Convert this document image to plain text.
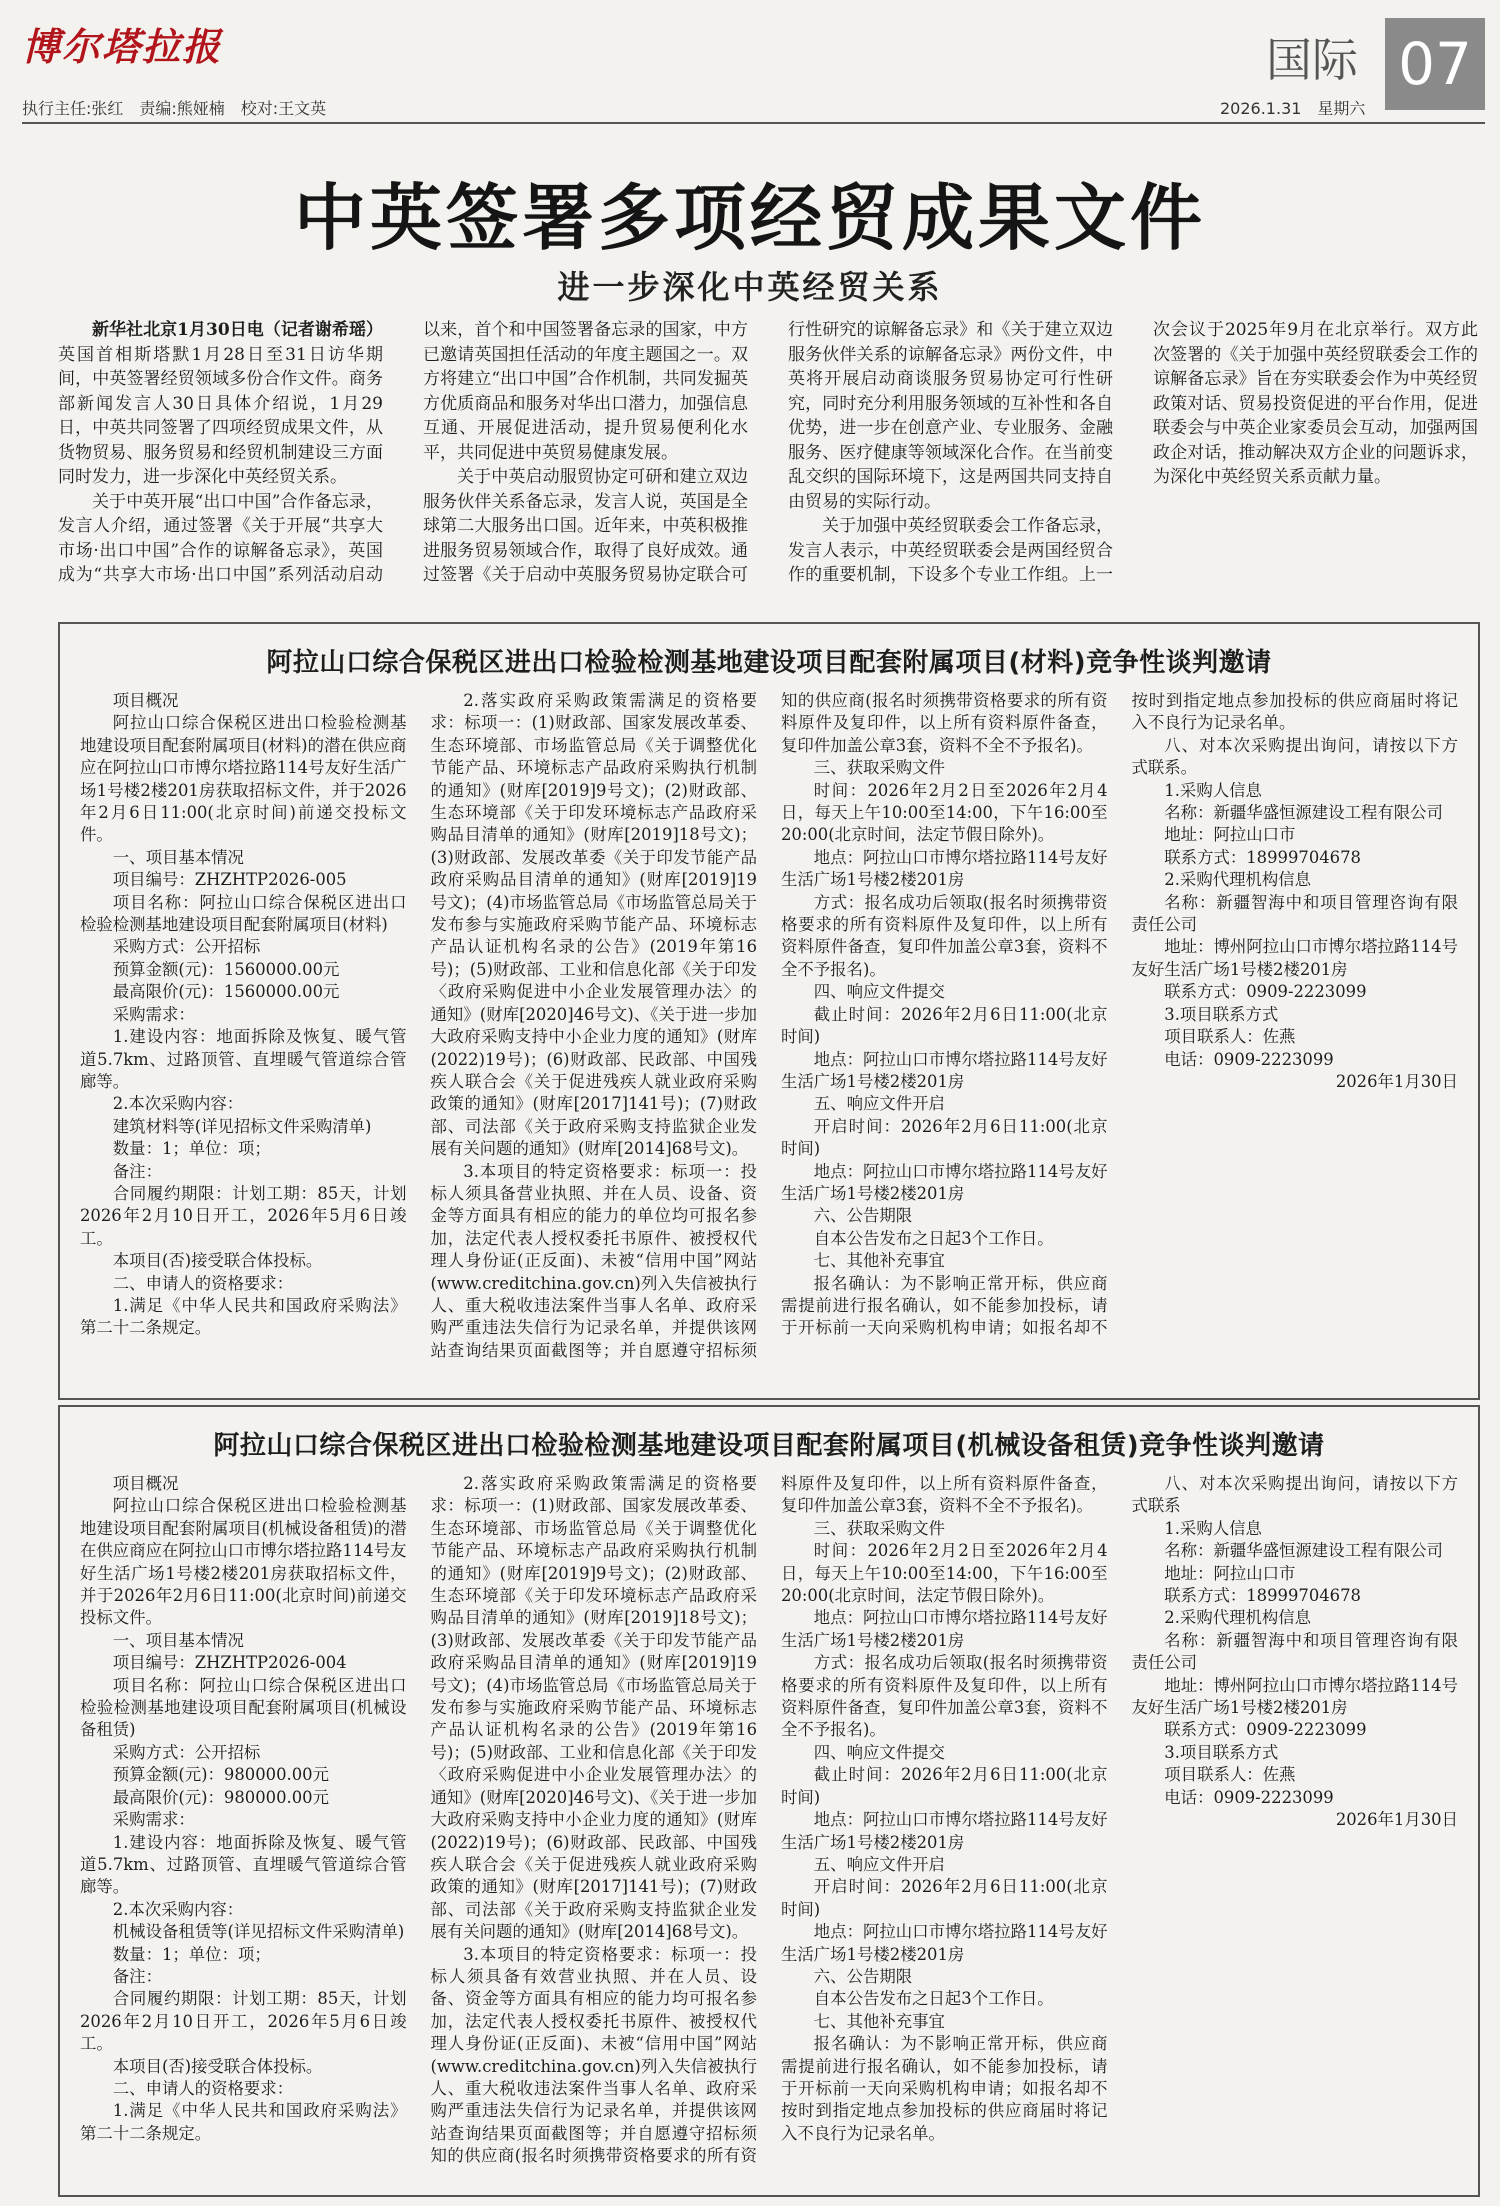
博尔塔拉报
执行主任:张红　责编:熊娅楠　校对:王文英
国际 07
2026.1.31　星期六
中英签署多项经贸成果文件
进一步深化中英经贸关系

新华社北京1月30日电（记者谢希瑶）英国首相斯塔默1月28日至31日访华期间，中英签署经贸领域多份合作文件。商务部新闻发言人30日具体介绍说，1月29日，中英共同签署了四项经贸成果文件，从货物贸易、服务贸易和经贸机制建设三方面同时发力，进一步深化中英经贸关系。

关于中英开展“出口中国”合作备忘录，发言人介绍，通过签署《关于开展“共享大市场·出口中国”合作的谅解备忘录》，英国成为“共享大市场·出口中国”系列活动启动以来，首个和中国签署备忘录的国家，中方已邀请英国担任活动的年度主题国之一。双方将建立“出口中国”合作机制，共同发掘英方优质商品和服务对华出口潜力，加强信息互通、开展促进活动，提升贸易便利化水平，共同促进中英贸易健康发展。

关于中英启动服贸协定可研和建立双边服务伙伴关系备忘录，发言人说，英国是全球第二大服务出口国。近年来，中英积极推进服务贸易领域合作，取得了良好成效。通过签署《关于启动中英服务贸易协定联合可行性研究的谅解备忘录》和《关于建立双边服务伙伴关系的谅解备忘录》两份文件，中英将开展启动商谈服务贸易协定可行性研究，同时充分利用服务领域的互补性和各自优势，进一步在创意产业、专业服务、金融服务、医疗健康等领域深化合作。在当前变乱交织的国际环境下，这是两国共同支持自由贸易的实际行动。

关于加强中英经贸联委会工作备忘录，发言人表示，中英经贸联委会是两国经贸合作的重要机制，下设多个专业工作组。上一次会议于2025年9月在北京举行。双方此次签署的《关于加强中英经贸联委会工作的谅解备忘录》旨在夯实联委会作为中英经贸政策对话、贸易投资促进的平台作用，促进联委会与中英企业家委员会互动，加强两国政企对话，推动解决双方企业的问题诉求，为深化中英经贸关系贡献力量。

阿拉山口综合保税区进出口检验检测基地建设项目配套附属项目(材料)竞争性谈判邀请

项目概况

阿拉山口综合保税区进出口检验检测基地建设项目配套附属项目(材料)的潜在供应商应在阿拉山口市博尔塔拉路114号友好生活广场1号楼2楼201房获取招标文件，并于2026年2月6日11:00(北京时间)前递交投标文件。

一、项目基本情况

项目编号：ZHZHTP2026-005

项目名称：阿拉山口综合保税区进出口检验检测基地建设项目配套附属项目(材料)

采购方式：公开招标

预算金额(元)：1560000.00元

最高限价(元)：1560000.00元

采购需求：

1.建设内容：地面拆除及恢复、暖气管道5.7km、过路顶管、直埋暖气管道综合管廊等。

2.本次采购内容：

建筑材料等(详见招标文件采购清单)

数量：1；单位：项；

备注：

合同履约期限：计划工期：85天，计划2026年2月10日开工，2026年5月6日竣工。

本项目(否)接受联合体投标。

二、申请人的资格要求：

1.满足《中华人民共和国政府采购法》第二十二条规定。

2.落实政府采购政策需满足的资格要求：标项一：(1)财政部、国家发展改革委、生态环境部、市场监管总局《关于调整优化节能产品、环境标志产品政府采购执行机制的通知》(财库[2019]9号文)；(2)财政部、生态环境部《关于印发环境标志产品政府采购品目清单的通知》(财库[2019]18号文)；(3)财政部、发展改革委《关于印发节能产品政府采购品目清单的通知》(财库[2019]19号文)；(4)市场监管总局《市场监管总局关于发布参与实施政府采购节能产品、环境标志产品认证机构名录的公告》(2019年第16号)；(5)财政部、工业和信息化部《关于印发〈政府采购促进中小企业发展管理办法〉的通知》(财库[2020]46号文)、《关于进一步加大政府采购支持中小企业力度的通知》(财库(2022)19号)；(6)财政部、民政部、中国残疾人联合会《关于促进残疾人就业政府采购政策的通知》(财库[2017]141号)；(7)财政部、司法部《关于政府采购支持监狱企业发展有关问题的通知》(财库[2014]68号文)。

3.本项目的特定资格要求：标项一：投标人须具备营业执照、并在人员、设备、资金等方面具有相应的能力的单位均可报名参加，法定代表人授权委托书原件、被授权代理人身份证(正反面)、未被“信用中国”网站(www.creditchina.gov.cn)列入失信被执行人、重大税收违法案件当事人名单、政府采购严重违法失信行为记录名单，并提供该网站查询结果页面截图等；并自愿遵守招标须知的供应商(报名时须携带资格要求的所有资料原件及复印件，以上所有资料原件备查，复印件加盖公章3套，资料不全不予报名)。

三、获取采购文件

时间：2026年2月2日至2026年2月4日，每天上午10:00至14:00，下午16:00至20:00(北京时间，法定节假日除外)。

地点：阿拉山口市博尔塔拉路114号友好生活广场1号楼2楼201房

方式：报名成功后领取(报名时须携带资格要求的所有资料原件及复印件，以上所有资料原件备查，复印件加盖公章3套，资料不全不予报名)。

四、响应文件提交

截止时间：2026年2月6日11:00(北京时间)

地点：阿拉山口市博尔塔拉路114号友好生活广场1号楼2楼201房

五、响应文件开启

开启时间：2026年2月6日11:00(北京时间)

地点：阿拉山口市博尔塔拉路114号友好生活广场1号楼2楼201房

六、公告期限

自本公告发布之日起3个工作日。

七、其他补充事宜

报名确认：为不影响正常开标，供应商需提前进行报名确认，如不能参加投标，请于开标前一天向采购机构申请；如报名却不按时到指定地点参加投标的供应商届时将记入不良行为记录名单。

八、对本次采购提出询问，请按以下方式联系。

1.采购人信息

名称：新疆华盛恒源建设工程有限公司

地址：阿拉山口市

联系方式：18999704678

2.采购代理机构信息

名称：新疆智海中和项目管理咨询有限责任公司

地址：博州阿拉山口市博尔塔拉路114号友好生活广场1号楼2楼201房

联系方式：0909-2223099

3.项目联系方式

项目联系人：佐燕

电话：0909-2223099

2026年1月30日

阿拉山口综合保税区进出口检验检测基地建设项目配套附属项目(机械设备租赁)竞争性谈判邀请

项目概况

阿拉山口综合保税区进出口检验检测基地建设项目配套附属项目(机械设备租赁)的潜在供应商应在阿拉山口市博尔塔拉路114号友好生活广场1号楼2楼201房获取招标文件，并于2026年2月6日11:00(北京时间)前递交投标文件。

一、项目基本情况

项目编号：ZHZHTP2026-004

项目名称：阿拉山口综合保税区进出口检验检测基地建设项目配套附属项目(机械设备租赁)

采购方式：公开招标

预算金额(元)：980000.00元

最高限价(元)：980000.00元

采购需求：

1.建设内容：地面拆除及恢复、暖气管道5.7km、过路顶管、直埋暖气管道综合管廊等。

2.本次采购内容：

机械设备租赁等(详见招标文件采购清单)

数量：1；单位：项；

备注：

合同履约期限：计划工期：85天，计划2026年2月10日开工，2026年5月6日竣工。

本项目(否)接受联合体投标。

二、申请人的资格要求：

1.满足《中华人民共和国政府采购法》第二十二条规定。

2.落实政府采购政策需满足的资格要求：标项一：(1)财政部、国家发展改革委、生态环境部、市场监管总局《关于调整优化节能产品、环境标志产品政府采购执行机制的通知》(财库[2019]9号文)；(2)财政部、生态环境部《关于印发环境标志产品政府采购品目清单的通知》(财库[2019]18号文)；(3)财政部、发展改革委《关于印发节能产品政府采购品目清单的通知》(财库[2019]19号文)；(4)市场监管总局《市场监管总局关于发布参与实施政府采购节能产品、环境标志产品认证机构名录的公告》(2019年第16号)；(5)财政部、工业和信息化部《关于印发〈政府采购促进中小企业发展管理办法〉的通知》(财库[2020]46号文)、《关于进一步加大政府采购支持中小企业力度的通知》(财库(2022)19号)；(6)财政部、民政部、中国残疾人联合会《关于促进残疾人就业政府采购政策的通知》(财库[2017]141号)；(7)财政部、司法部《关于政府采购支持监狱企业发展有关问题的通知》(财库[2014]68号文)。

3.本项目的特定资格要求：标项一：投标人须具备有效营业执照、并在人员、设备、资金等方面具有相应的能力均可报名参加，法定代表人授权委托书原件、被授权代理人身份证(正反面)、未被“信用中国”网站(www.creditchina.gov.cn)列入失信被执行人、重大税收违法案件当事人名单、政府采购严重违法失信行为记录名单，并提供该网站查询结果页面截图等；并自愿遵守招标须知的供应商(报名时须携带资格要求的所有资料原件及复印件，以上所有资料原件备查，复印件加盖公章3套，资料不全不予报名)。

三、获取采购文件

时间：2026年2月2日至2026年2月4日，每天上午10:00至14:00，下午16:00至20:00(北京时间，法定节假日除外)。

地点：阿拉山口市博尔塔拉路114号友好生活广场1号楼2楼201房

方式：报名成功后领取(报名时须携带资格要求的所有资料原件及复印件，以上所有资料原件备查，复印件加盖公章3套，资料不全不予报名)。

四、响应文件提交

截止时间：2026年2月6日11:00(北京时间)

地点：阿拉山口市博尔塔拉路114号友好生活广场1号楼2楼201房

五、响应文件开启

开启时间：2026年2月6日11:00(北京时间)

地点：阿拉山口市博尔塔拉路114号友好生活广场1号楼2楼201房

六、公告期限

自本公告发布之日起3个工作日。

七、其他补充事宜

报名确认：为不影响正常开标，供应商需提前进行报名确认，如不能参加投标，请于开标前一天向采购机构申请；如报名却不按时到指定地点参加投标的供应商届时将记入不良行为记录名单。

八、对本次采购提出询问，请按以下方式联系

1.采购人信息

名称：新疆华盛恒源建设工程有限公司

地址：阿拉山口市

联系方式：18999704678

2.采购代理机构信息

名称：新疆智海中和项目管理咨询有限责任公司

地址：博州阿拉山口市博尔塔拉路114号友好生活广场1号楼2楼201房

联系方式：0909-2223099

3.项目联系方式

项目联系人：佐燕

电话：0909-2223099

2026年1月30日
